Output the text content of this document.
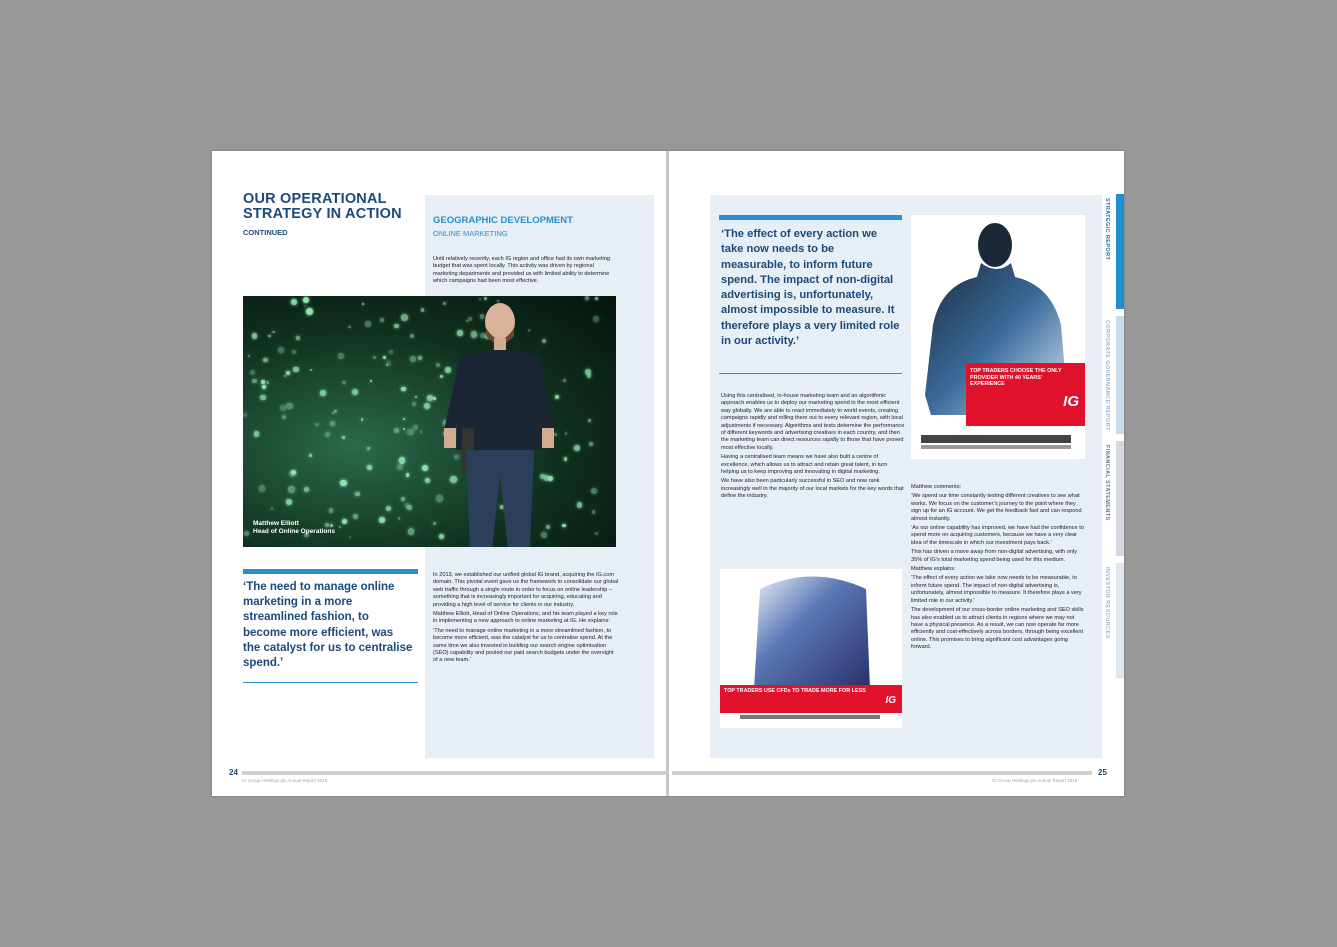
OUR OPERATIONAL
STRATEGY IN ACTION
CONTINUED
GEOGRAPHIC DEVELOPMENT
ONLINE MARKETING
Until relatively recently, each IG region and office had its own marketing budget that was spent locally. This activity was driven by regional marketing departments and provided us with limited ability to determine which campaigns had been most effective.
Matthew Elliott
Head of Online Operations
‘The need to manage online marketing in a more streamlined fashion, to become more efficient, was the catalyst for us to centralise spend.’

In 2013, we established our unified global IG brand, acquiring the IG.com domain. This pivotal event gave us the framework to consolidate our global web traffic through a single route in order to focus on online leadership – something that is increasingly important for acquiring, educating and providing a high level of service for clients in our industry.

Matthew Elliott, Head of Online Operations, and his team played a key role in implementing a new approach to online marketing at IG. He explains:

‘The need to manage online marketing in a more streamlined fashion, to become more efficient, was the catalyst for us to centralise spend. At the same time we also invested in building our search engine optimisation (SEO) capability and pooled our paid search budgets under the oversight of a new team.’

‘The effect of every action we take now needs to be measurable, to inform future spend. The impact of non-digital advertising is, unfortunately, almost impossible to measure. It therefore plays a very limited role in our activity.’

Using this centralised, in-house marketing team and an algorithmic approach enables us to deploy our marketing spend in the most efficient way globally. We are able to react immediately to world events, creating campaigns rapidly and rolling them out to every relevant region, with local adjustments if necessary. Algorithms and tests determine the performance of different keywords and advertising creatives in each country, and then the marketing team can direct resources rapidly to those that have proved most effective locally.

Having a centralised team means we have also built a centre of excellence, which allows us to attract and retain great talent, in turn helping us to keep improving and innovating in digital marketing.

We have also been particularly successful in SEO and now rank increasingly well in the majority of our local markets for the key words that define the industry.

TOP TRADERS CHOOSE THE ONLY PROVIDER WITH 40 YEARS’ EXPERIENCE
IG
TOP TRADERS USE CFDs TO TRADE MORE FOR LESS
IG

Matthew comments:

‘We spend our time constantly testing different creatives to see what works. We focus on the customer’s journey to the point where they sign up for an IG account. We get the feedback fast and can respond almost instantly.

‘As our online capability has improved, we have had the confidence to spend more on acquiring customers, because we have a very clear idea of the timescale in which our investment pays back.’

This has driven a move away from non-digital advertising, with only 35% of IG’s total marketing spend being used for this medium.

Matthew explains:

‘The effect of every action we take now needs to be measurable, to inform future spend. The impact of non-digital advertising is, unfortunately, almost impossible to measure. It therefore plays a very limited role in our activity.’

The development of our cross-border online marketing and SEO skills has also enabled us to attract clients in regions where we may not have a physical presence. As a result, we can now operate far more efficiently and cost-effectively across borders, through being excellent online. This promises to bring significant cost advantages going forward.

STRATEGIC REPORT
CORPORATE GOVERNANCE REPORT
FINANCIAL STATEMENTS
INVESTOR RESOURCES
24
IG Group Holdings plc Annual Report 2016
25
IG Group Holdings plc Annual Report 2016
